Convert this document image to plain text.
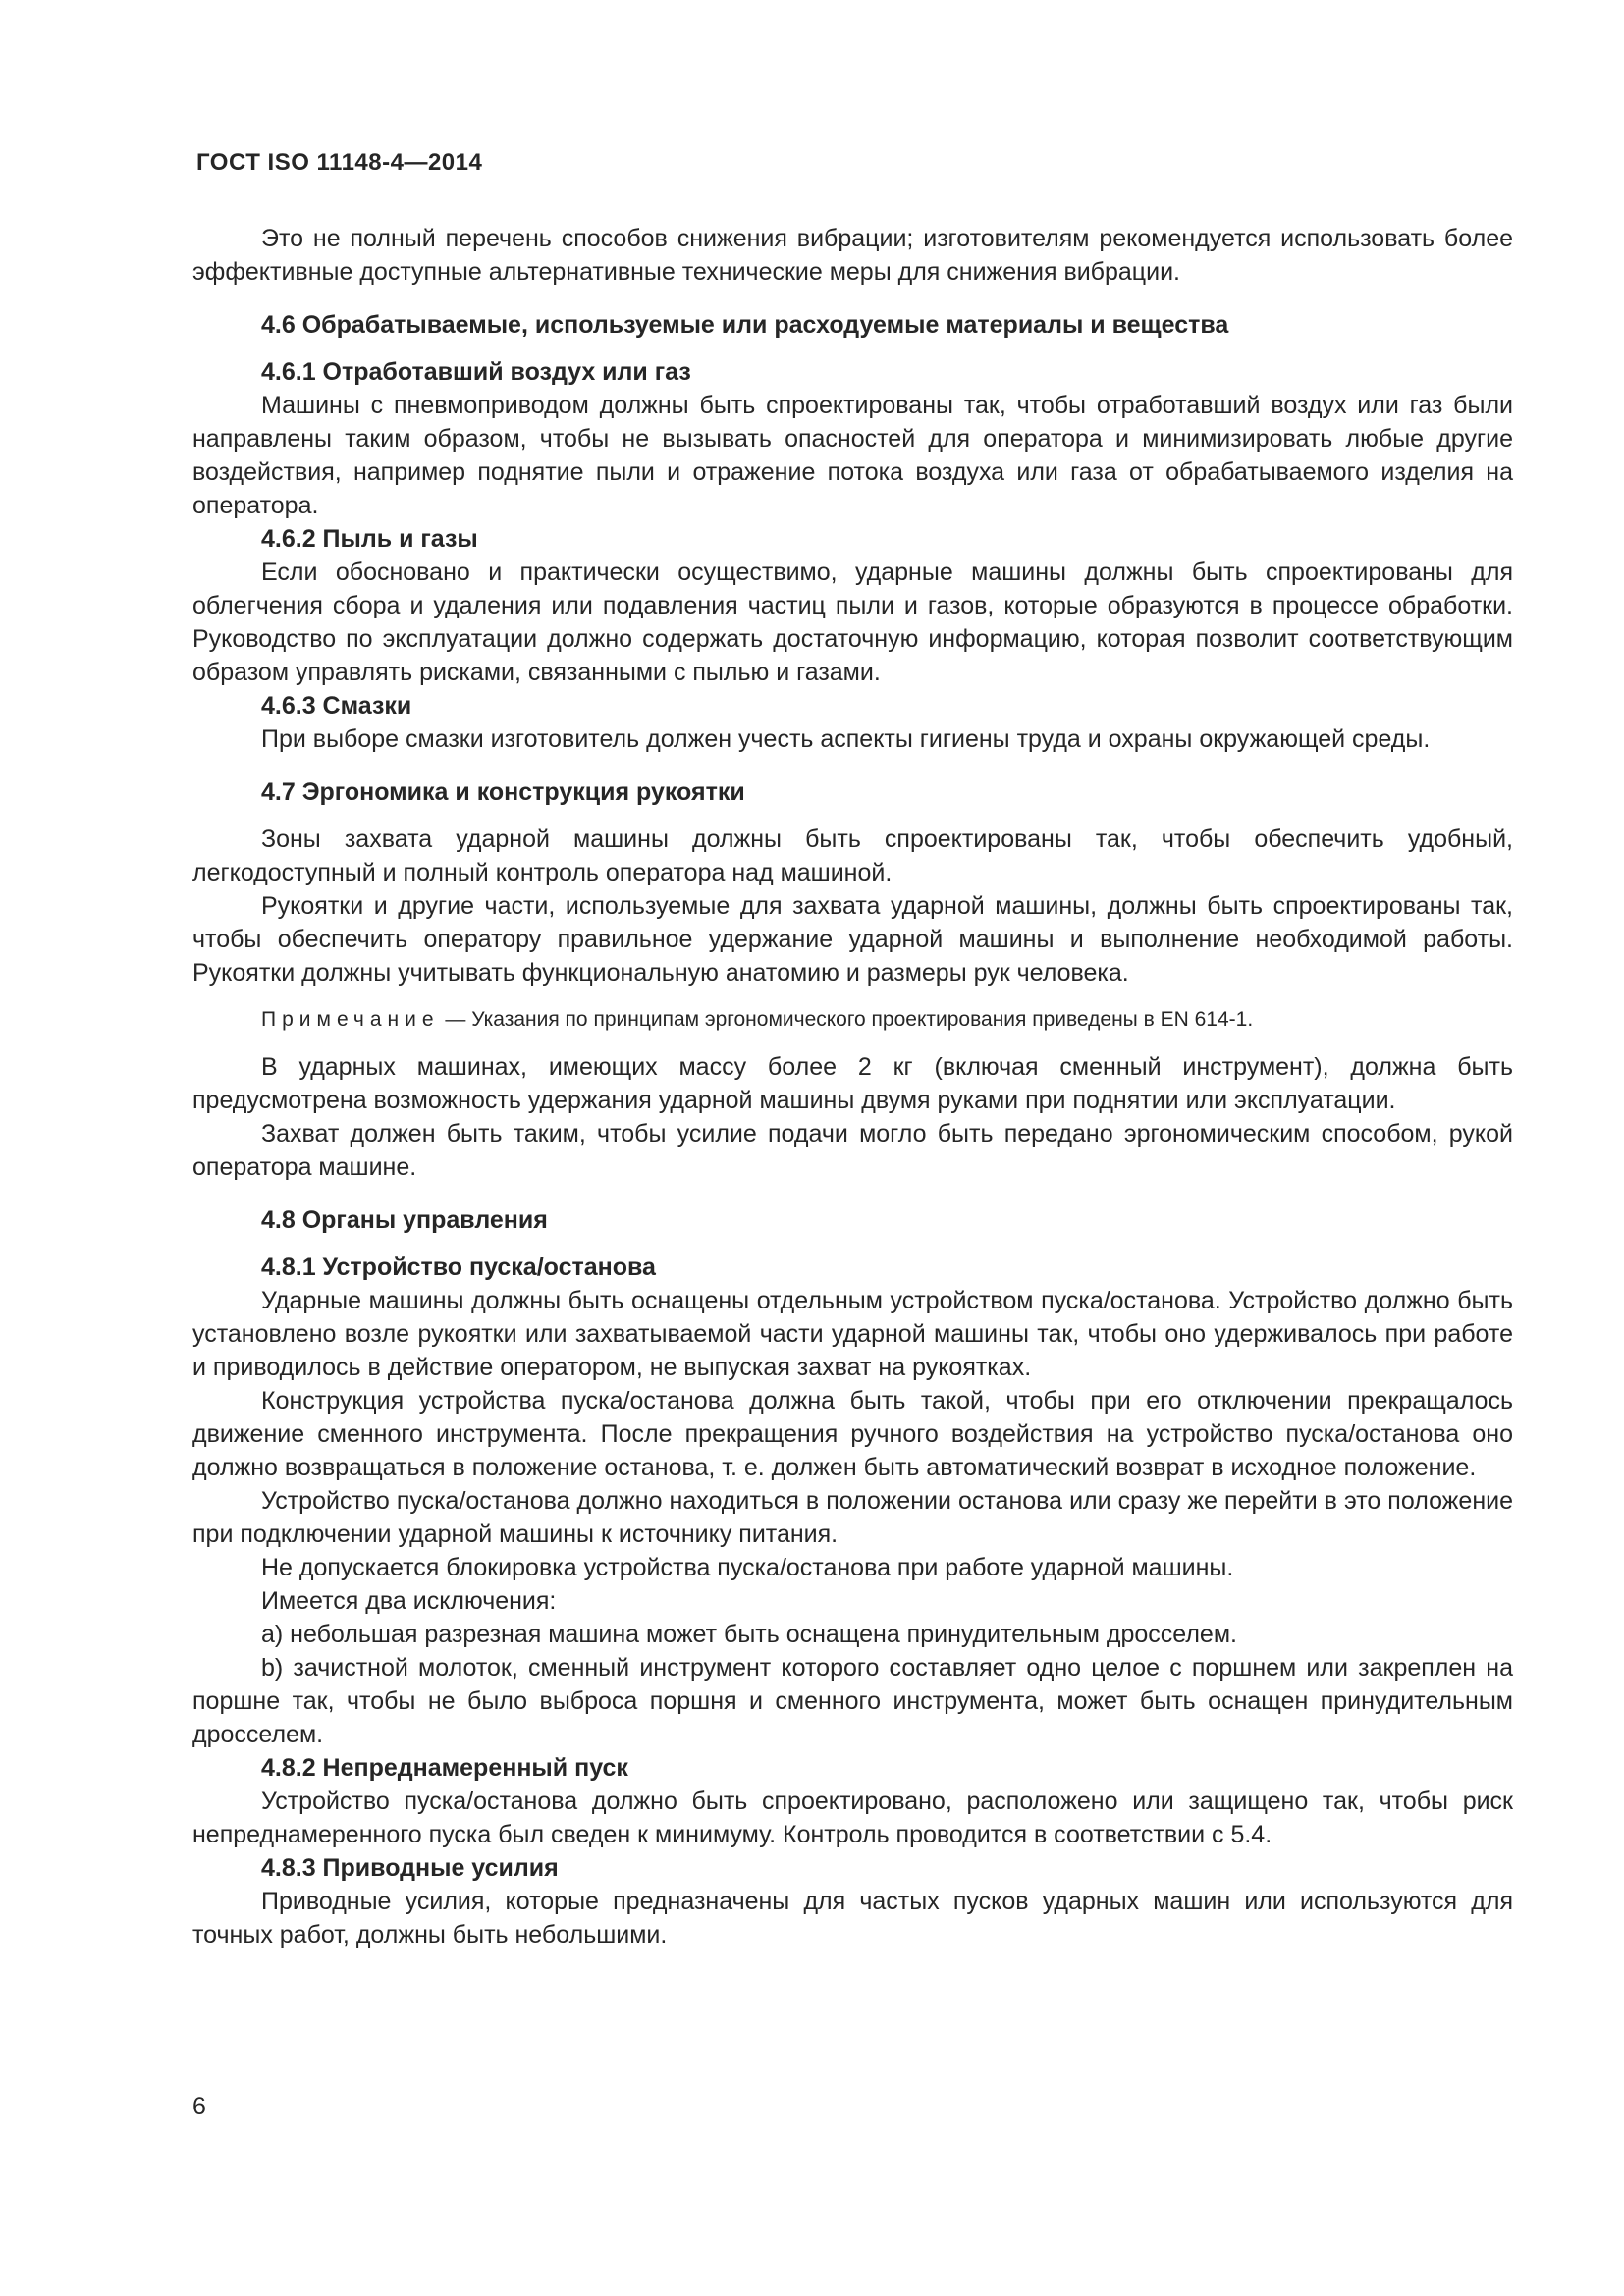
ГОСТ ISO 11148-4—2014

Это не полный перечень способов снижения вибрации; изготовителям рекомендуется использовать более эффективные доступные альтернативные технические меры для снижения вибрации.

4.6 Обрабатываемые, используемые или расходуемые материалы и вещества

4.6.1 Отработавший воздух или газ

Машины с пневмоприводом должны быть спроектированы так, чтобы отработавший воздух или газ были направлены таким образом, чтобы не вызывать опасностей для оператора и минимизировать любые другие воздействия, например поднятие пыли и отражение потока воздуха или газа от обрабатываемого изделия на оператора.

4.6.2 Пыль и газы

Если обосновано и практически осуществимо, ударные машины должны быть спроектированы для облегчения сбора и удаления или подавления частиц пыли и газов, которые образуются в процессе обработки. Руководство по эксплуатации должно содержать достаточную информацию, которая позволит соответствующим образом управлять рисками, связанными с пылью и газами.

4.6.3 Смазки

При выборе смазки изготовитель должен учесть аспекты гигиены труда и охраны окружающей среды.

4.7 Эргономика и конструкция рукоятки

Зоны захвата ударной машины должны быть спроектированы так, чтобы обеспечить удобный, легкодоступный и полный контроль оператора над машиной.

Рукоятки и другие части, используемые для захвата ударной машины, должны быть спроектированы так, чтобы обеспечить оператору правильное удержание ударной машины и выполнение необходимой работы. Рукоятки должны учитывать функциональную анатомию и размеры рук человека.

Примечание — Указания по принципам эргономического проектирования приведены в EN 614-1.

В ударных машинах, имеющих массу более 2 кг (включая сменный инструмент), должна быть предусмотрена возможность удержания ударной машины двумя руками при поднятии или эксплуатации.

Захват должен быть таким, чтобы усилие подачи могло быть передано эргономическим способом, рукой оператора машине.

4.8 Органы управления

4.8.1 Устройство пуска/останова

Ударные машины должны быть оснащены отдельным устройством пуска/останова. Устройство должно быть установлено возле рукоятки или захватываемой части ударной машины так, чтобы оно удерживалось при работе и приводилось в действие оператором, не выпуская захват на рукоятках.

Конструкция устройства пуска/останова должна быть такой, чтобы при его отключении прекращалось движение сменного инструмента. После прекращения ручного воздействия на устройство пуска/останова оно должно возвращаться в положение останова, т. е. должен быть автоматический возврат в исходное положение.

Устройство пуска/останова должно находиться в положении останова или сразу же перейти в это положение при подключении ударной машины к источнику питания.

Не допускается блокировка устройства пуска/останова при работе ударной машины.

Имеется два исключения:

a) небольшая разрезная машина может быть оснащена принудительным дросселем.

b) зачистной молоток, сменный инструмент которого составляет одно целое с поршнем или закреплен на поршне так, чтобы не было выброса поршня и сменного инструмента, может быть оснащен принудительным дросселем.

4.8.2 Непреднамеренный пуск

Устройство пуска/останова должно быть спроектировано, расположено или защищено так, чтобы риск непреднамеренного пуска был сведен к минимуму. Контроль проводится в соответствии с 5.4.

4.8.3 Приводные усилия

Приводные усилия, которые предназначены для частых пусков ударных машин или используются для точных работ, должны быть небольшими.

6
